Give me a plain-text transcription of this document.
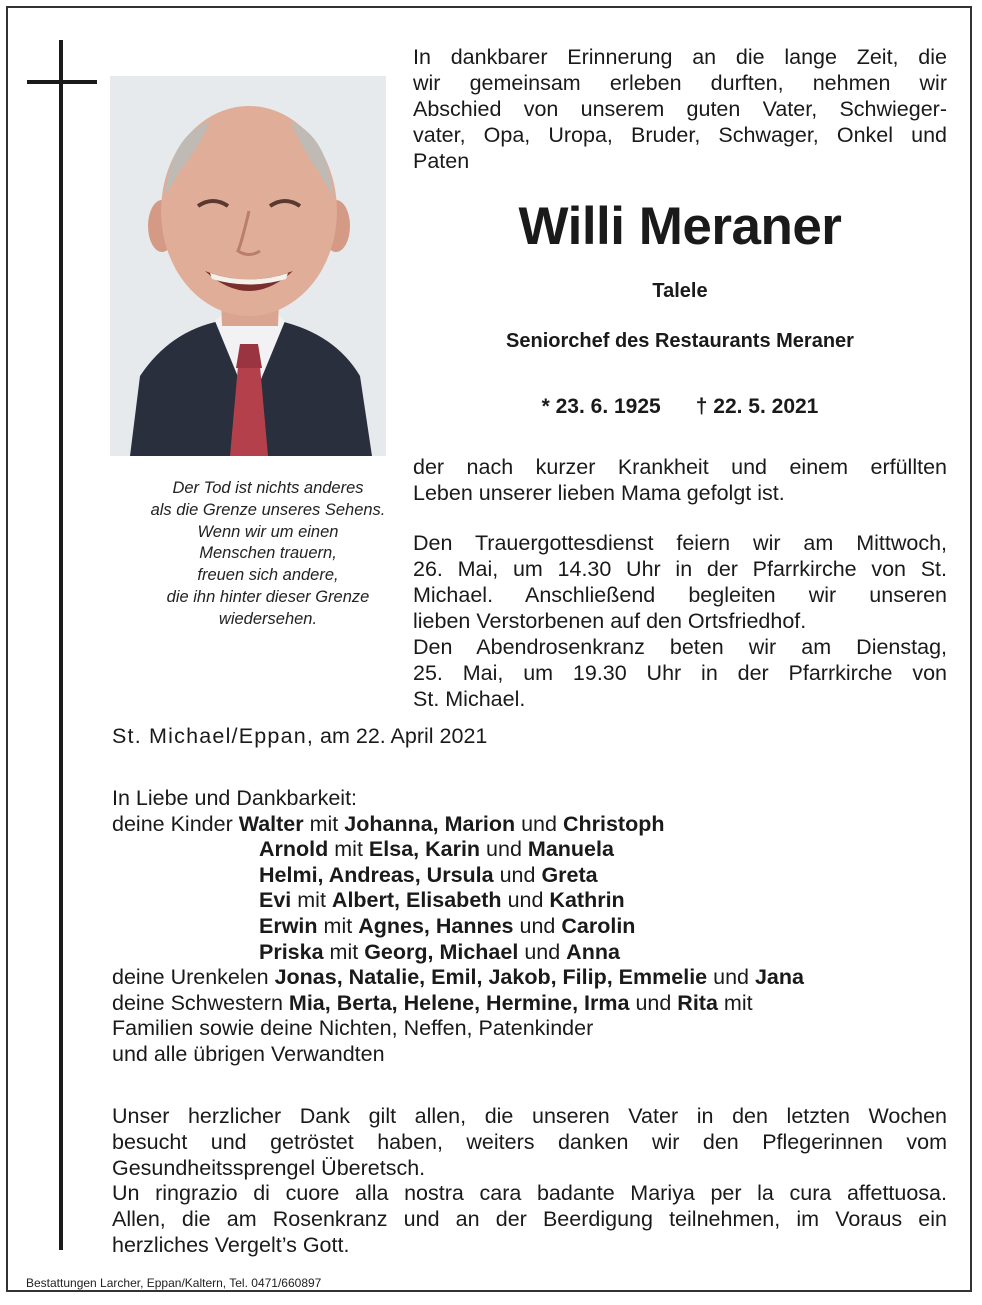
Der Tod ist nichts anderes
als die Grenze unseres Sehens.
Wenn wir um einen
Menschen trauern,
freuen sich andere,
die ihn hinter dieser Grenze
wiedersehen.
In dankbarer Erinnerung an die lange Zeit, die
wir gemeinsam erleben durften, nehmen wir
Abschied von unserem guten Vater, Schwieger-
vater, Opa, Uropa, Bruder, Schwager, Onkel und
Paten
Willi Meraner
Talele
Seniorchef des Restaurants Meraner
* 23. 6. 1925 † 22. 5. 2021
der nach kurzer Krankheit und einem erfüllten
Leben unserer lieben Mama gefolgt ist.
Den Trauergottesdienst feiern wir am Mittwoch,
26. Mai, um 14.30 Uhr in der Pfarrkirche von St.
Michael. Anschließend begleiten wir unseren
lieben Verstorbenen auf den Ortsfriedhof.
Den Abendrosenkranz beten wir am Dienstag,
25. Mai, um 19.30 Uhr in der Pfarrkirche von
St. Michael.
St. Michael/Eppan, am 22. April 2021
In Liebe und Dankbarkeit:
deine Kinder Walter mit Johanna, Marion und Christoph
Arnold mit Elsa, Karin und Manuela
Helmi, Andreas, Ursula und Greta
Evi mit Albert, Elisabeth und Kathrin
Erwin mit Agnes, Hannes und Carolin
Priska mit Georg, Michael und Anna
deine Urenkelen Jonas, Natalie, Emil, Jakob, Filip, Emmelie und Jana
deine Schwestern Mia, Berta, Helene, Hermine, Irma und Rita mit
Familien sowie deine Nichten, Neffen, Patenkinder
und alle übrigen Verwandten
Unser herzlicher Dank gilt allen, die unseren Vater in den letzten Wochen
besucht und getröstet haben, weiters danken wir den Pflegerinnen vom
Gesundheitssprengel Überetsch.
Un ringrazio di cuore alla nostra cara badante Mariya per la cura affettuosa.
Allen, die am Rosenkranz und an der Beerdigung teilnehmen, im Voraus ein
herzliches Vergelt’s Gott.
Bestattungen Larcher, Eppan/Kaltern, Tel. 0471/660897
